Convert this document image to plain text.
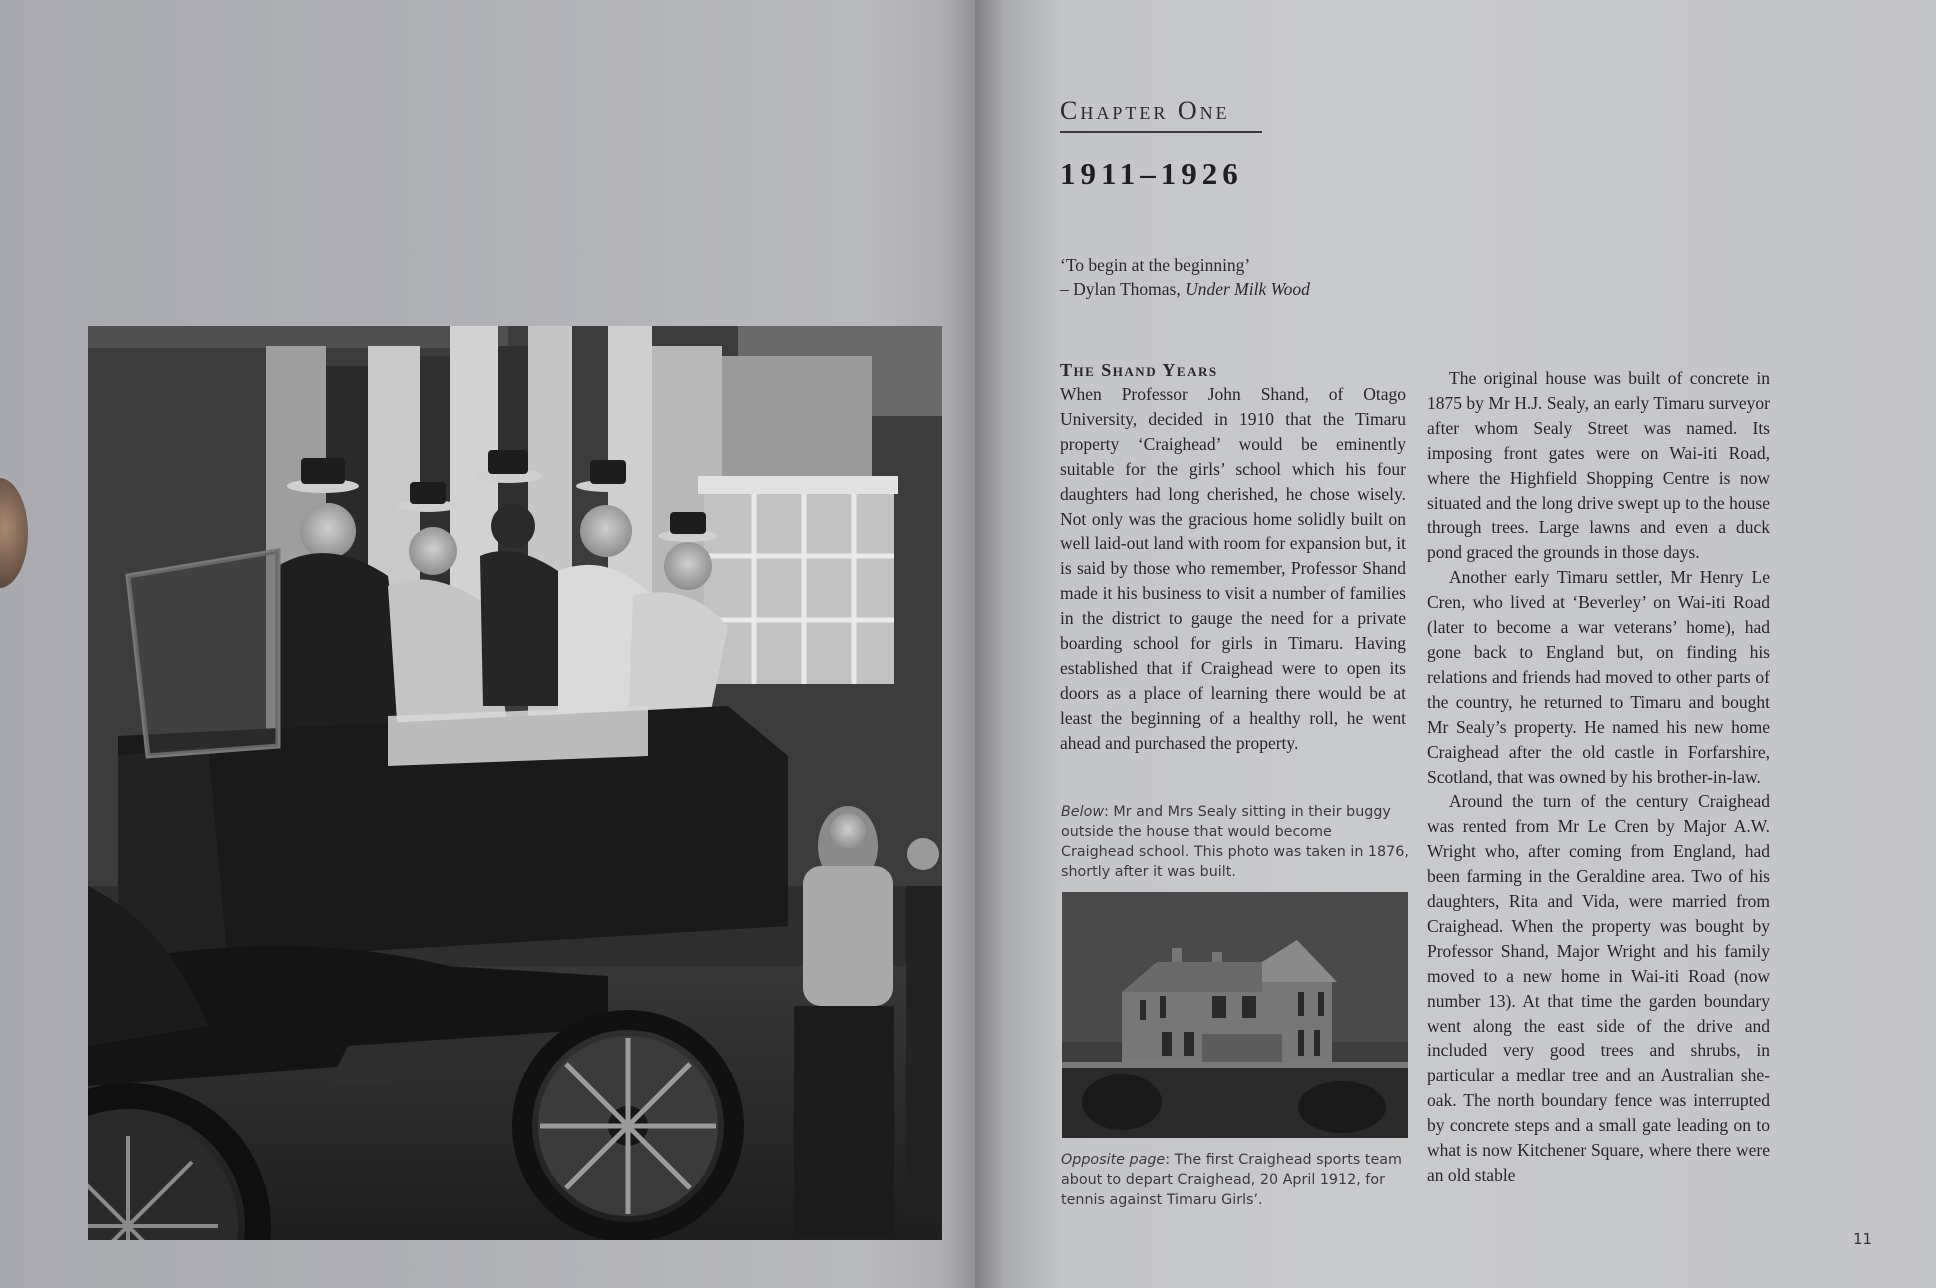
Chapter One
1911–1926

‘To begin at the beginning’

– Dylan Thomas, Under Milk Wood

The Shand Years

When Professor John Shand, of Otago University, decided in 1910 that the Timaru property ‘Craighead’ would be eminently suitable for the girls’ school which his four daughters had long cherished, he chose wisely. Not only was the gracious home solidly built on well laid-out land with room for expansion but, it is said by those who remember, Professor Shand made it his business to visit a number of families in the district to gauge the need for a private boarding school for girls in Timaru. Having established that if Craighead were to open its doors as a place of learning there would be at least the beginning of a healthy roll, he went ahead and purchased the property.

Below: Mr and Mrs Sealy sitting in their buggy outside the house that would become Craighead school. This photo was taken in 1876, shortly after it was built.

Opposite page: The first Craighead sports team about to depart Craighead, 20 April 1912, for tennis against Timaru Girls’.

The original house was built of concrete in 1875 by Mr H.J. Sealy, an early Timaru surveyor after whom Sealy Street was named. Its imposing front gates were on Wai-iti Road, where the Highfield Shopping Centre is now situated and the long drive swept up to the house through trees. Large lawns and even a duck pond graced the grounds in those days.

Another early Timaru settler, Mr Henry Le Cren, who lived at ‘Beverley’ on Wai-iti Road (later to become a war veterans’ home), had gone back to England but, on finding his relations and friends had moved to other parts of the country, he returned to Timaru and bought Mr Sealy’s property. He named his new home Craighead after the old castle in Forfarshire, Scotland, that was owned by his brother-in-law.

Around the turn of the century Craighead was rented from Mr Le Cren by Major A.W. Wright who, after coming from England, had been farming in the Geraldine area. Two of his daughters, Rita and Vida, were married from Craighead. When the property was bought by Professor Shand, Major Wright and his family moved to a new home in Wai-iti Road (now number 13). At that time the garden boundary went along the east side of the drive and included very good trees and shrubs, in particular a medlar tree and an Australian she-oak. The north boundary fence was interrupted by concrete steps and a small gate leading on to what is now Kitchener Square, where there were an old stable

11
